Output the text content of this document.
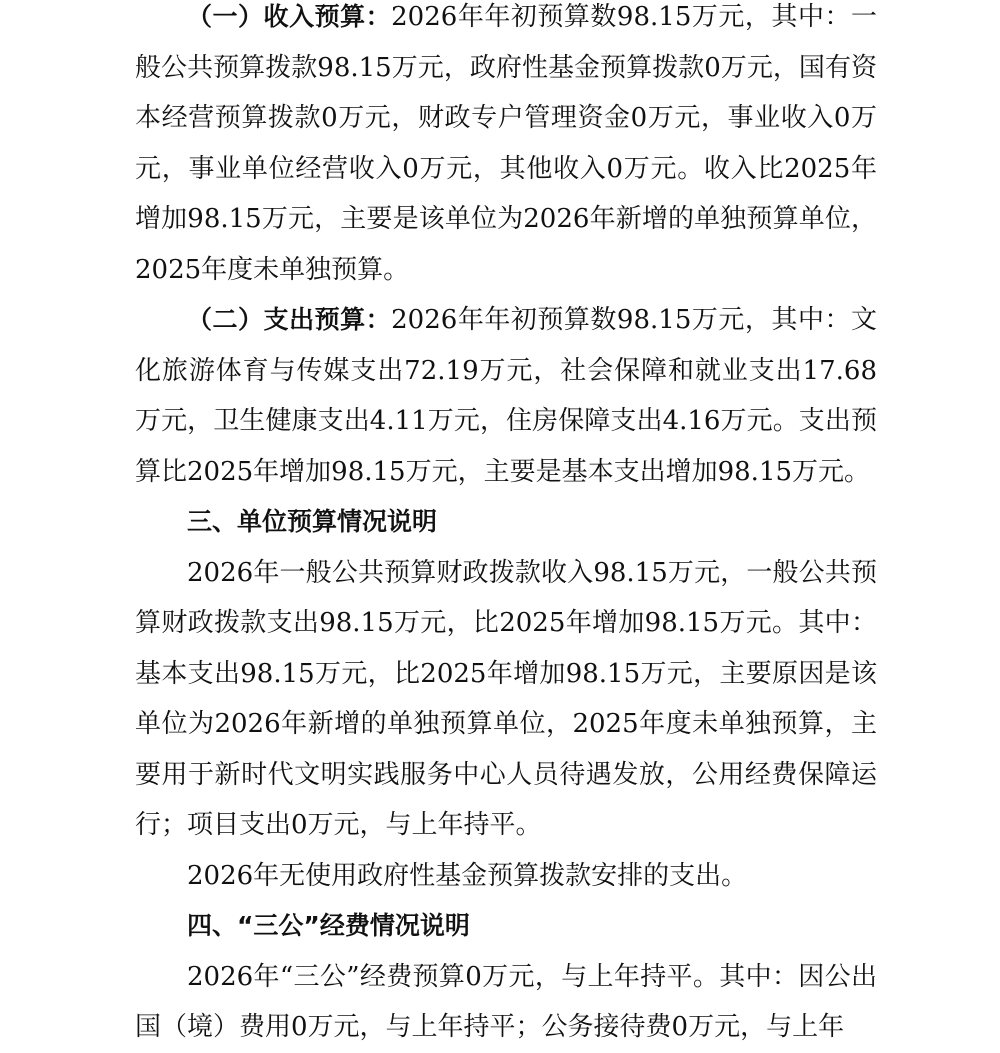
（一）收入预算：2026年年初预算数98.15万元，其中：一般公共预算拨款98.15万元，政府性基金预算拨款0万元，国有资本经营预算拨款0万元，财政专户管理资金0万元，事业收入0万元，事业单位经营收入0万元，其他收入0万元。收入比2025年增加98.15万元，主要是该单位为2026年新增的单独预算单位，2025年度未单独预算。

（二）支出预算：2026年年初预算数98.15万元，其中：文化旅游体育与传媒支出72.19万元，社会保障和就业支出17.68万元，卫生健康支出4.11万元，住房保障支出4.16万元。支出预算比2025年增加98.15万元，主要是基本支出增加98.15万元。

三、单位预算情况说明

2026年一般公共预算财政拨款收入98.15万元，一般公共预算财政拨款支出98.15万元，比2025年增加98.15万元。其中：基本支出98.15万元，比2025年增加98.15万元，主要原因是该单位为2026年新增的单独预算单位，2025年度未单独预算，主要用于新时代文明实践服务中心人员待遇发放，公用经费保障运行；项目支出0万元，与上年持平。

2026年无使用政府性基金预算拨款安排的支出。

四、“三公”经费情况说明

2026年“三公”经费预算0万元，与上年持平。其中：因公出国（境）费用0万元，与上年持平；公务接待费0万元，与上年
